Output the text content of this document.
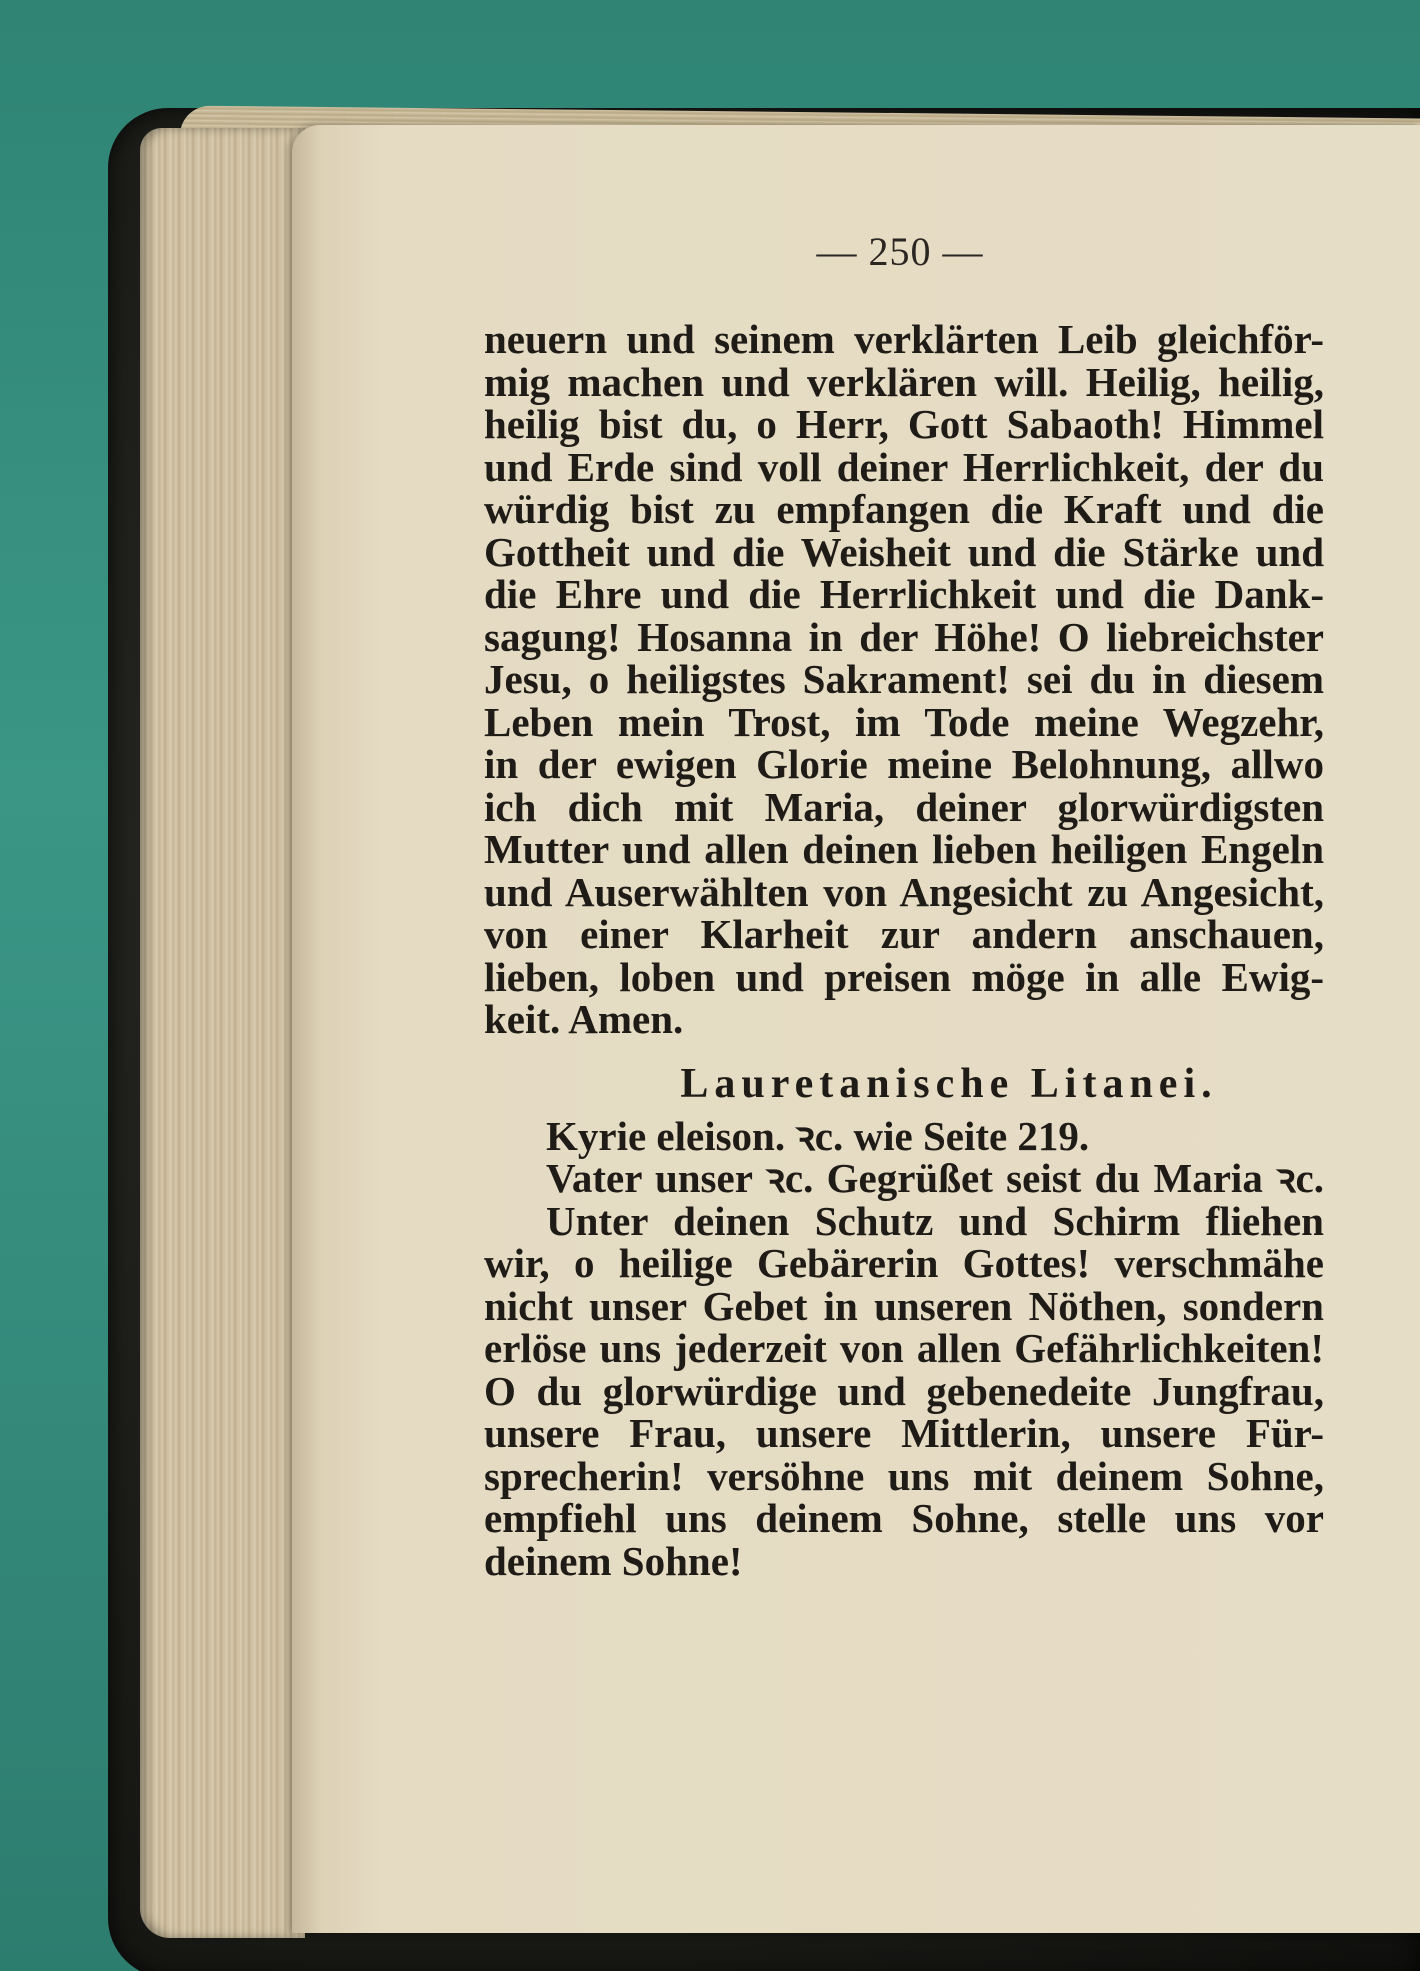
— 250 —
neuern und seinem verklärten Leib gleichför-
mig machen und verklären will. Heilig, heilig,
heilig bist du, o Herr, Gott Sabaoth! Himmel
und Erde sind voll deiner Herrlichkeit, der du
würdig bist zu empfangen die Kraft und die
Gottheit und die Weisheit und die Stärke und
die Ehre und die Herrlichkeit und die Dank-
sagung! Hosanna in der Höhe! O liebreichster
Jesu, o heiligstes Sakrament! sei du in diesem
Leben mein Trost, im Tode meine Wegzehr,
in der ewigen Glorie meine Belohnung, allwo
ich dich mit Maria, deiner glorwürdigsten
Mutter und allen deinen lieben heiligen Engeln
und Auserwählten von Angesicht zu Angesicht,
von einer Klarheit zur andern anschauen,
lieben, loben und preisen möge in alle Ewig-
keit. Amen.
Lauretanische Litanei.
Kyrie eleison. ꝛc. wie Seite 219.
Vater unser ꝛc. Gegrüßet seist du Maria ꝛc.
Unter deinen Schutz und Schirm fliehen
wir, o heilige Gebärerin Gottes! verschmähe
nicht unser Gebet in unseren Nöthen, sondern
erlöse uns jederzeit von allen Gefährlichkeiten!
O du glorwürdige und gebenedeite Jungfrau,
unsere Frau, unsere Mittlerin, unsere Für-
sprecherin! versöhne uns mit deinem Sohne,
empfiehl uns deinem Sohne, stelle uns vor
deinem Sohne!
